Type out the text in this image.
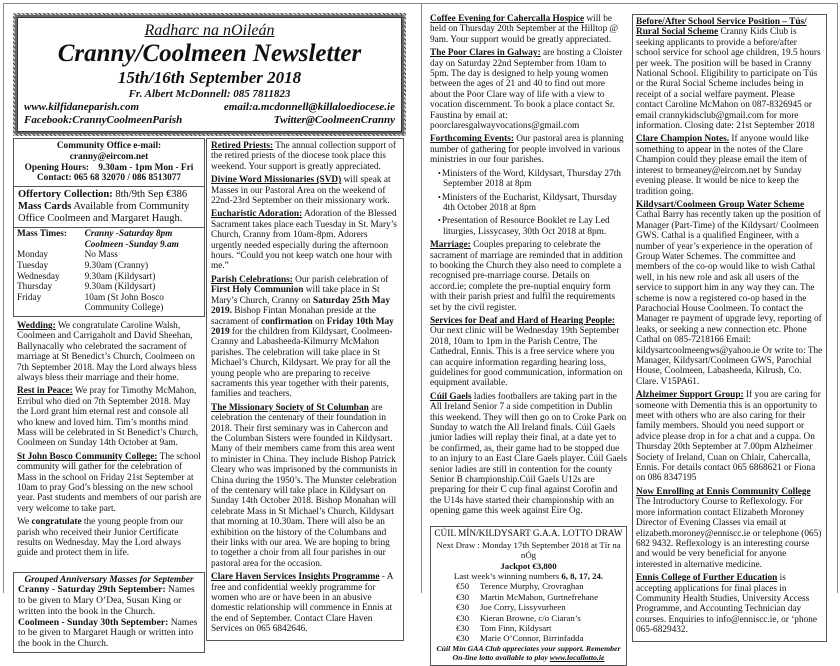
Radharc na nOileán
Cranny/Coolmeen Newsletter
15th/16th September 2018
Fr. Albert McDonnell: 085 7811823
www.kilfidaneparish.com	email:a.mcdonnell@killaloediocese.ie
Facebook:CrannyCoolmeenParish	Twitter@CoolmeenCranny
Community Office e-mail: cranny@eircom.net
Opening Hours:    9.30am - 1pm Mon - Fri
Contact: 065 68 32070 / 086 8513077
Offertory Collection: 8th/9th Sep €386 Mass Cards Available from Community Office Coolmeen and Margaret Haugh.
Mass Times:	Cranny -Saturday 8pm
	Coolmeen -Sunday 9.am
Monday	No Mass
Tuesday	9.30am (Cranny)
Wednesday	9.30am (Kildysart)
Thursday	9.30am (Kildysart)
Friday	10am (St John Bosco Community College)
Wedding: We congratulate Caroline Walsh, Coolmeen and Carrigaholt and David Sheehan, Ballynacally who celebrated the sacrament of marriage at St Benedict’s Church, Coolmeen on 7th September 2018. May the Lord always bless always bless their marriage and their home.
Rest in Peace: We pray for Timothy McMahon, Erribul who died on 7th September 2018. May the Lord grant him eternal rest and console all who knew and loved him. Tim’s months mind Mass will be celebrated in St Benedict’s Church, Coolmeen on Sunday 14th October at 9am.
St John Bosco Community College: The school community will gather for the celebration of Mass in the school on Friday 21st September at 10am to pray God’s blessing on the new school year. Past students and members of our parish are very welcome to take part.
We congratulate the young people from our parish who received their Junior Certificate results on Wednesday. May the Lord always guide and protect them in life.
Grouped Anniversary Masses for September
Cranny - Saturday 29th September: Names to be given to Mary O’Dea, Susan King or written into the book in the Church.
Coolmeen - Sunday 30th September: Names to be given to Margaret Haugh or written into the book in the Church.
Retired Priests: The annual collection support of the retired priests of the diocese took place this weekend. Your support is greatly appreciated.
Divine Word Missionaries (SVD) will speak at Masses in our Pastoral Area on the weekend of 22nd-23rd September on their missionary work.
Eucharistic Adoration: Adoration of the Blessed Sacrament takes place each Tuesday in St. Mary’s Church, Cranny from 10am-8pm. Adorers urgently needed especially during the afternoon hours. “Could you not keep watch one hour with me.”
Parish Celebrations: Our parish celebration of First Holy Communion will take place in St Mary’s Church, Cranny on Saturday 25th May 2019. Bishop Fintan Monahan preside at the sacrament of confirmation on Friday 10th May 2019 for the children from Kildysart, Coolmeen-Cranny and Labasheeda-Kilmurry McMahon parishes. The celebration will take place in St Michael’s Church, Kildysart. We pray for all the young people who are preparing to receive sacraments this year together with their parents, families and teachers.
The Missionary Society of St Columban are celebration the centenary of their foundation in 2018. Their first seminary was in Cahercon and the Columban Sisters were founded in Kildysart. Many of their members came from this area went to minister in China. They include Bishop Patrick Cleary who was imprisoned by the communists in China during the 1950’s. The Munster celebration of the centenary will take place in Kildysart on Sunday 14th October 2018. Bishop Monahan will celebrate Mass in St Michael’s Church, Kildysart that morning at 10.30am. There will also be an exhibition on the history of the Columbans and their links with our area. We are hoping to bring to together a choir from all four parishes in our pastoral area for the occasion.
Clare Haven Services Insights Programme - A free and confidential weekly programme for women who are or have been in an abusive domestic relationship will commence in Ennis at the end of September. Contact Clare Haven Services on 065 6842646.
Coffee Evening for Cahercalla Hospice will be held on Thursday 20th September at the Hilltop @ 9am. Your support would be greatly appreciated.
The Poor Clares in Galway: are hosting a Cloister day on Saturday 22nd September from 10am to 5pm. The day is designed to help young women between the ages of 21 and 40 to find out more about the Poor Clare way of life with a view to vocation discernment. To book a place contact Sr. Faustina by email at: poorclaresgalwayvocations@gmail.com
Forthcoming Events: Our pastoral area is planning number of gathering for people involved in various ministries in our four parishes.
• Ministers of the Word, Kildysart, Thursday 27th September 2018 at 8pm
• Ministers of the Eucharist, Kildysart, Thursday 4th October 2018 at 8pm
• Presentation of Resource Booklet re Lay Led liturgies, Lissycasey, 30th Oct 2018 at 8pm.
Marriage: Couples preparing to celebrate the sacrament of marriage are reminded that in addition to booking the Church they also need to complete a recognised pre-marriage course. Details on accord.ie; complete the pre-nuptial enquiry form with their parish priest and fulfil the requirements set by the civil register.
Services for Deaf and Hard of Hearing People: Our next clinic will be Wednesday 19th September 2018, 10am to 1pm in the Parish Centre, The Cathedral, Ennis. This is a free service where you can acquire information regarding hearing loss, guidelines for good communication, information on equipment available.
Cúil Gaels ladies footballers are taking part in the All Ireland Senior 7 a side competition in Dublin this weekend. They will then go on to Croke Park on Sunday to watch the All Ireland finals. Cúil Gaels junior ladies will replay their final, at a date yet to be confirmed, as, their game had to be stopped due to an injury to an East Clare Gaels player. Cúil Gaels senior ladies are still in contention for the county Senior B championship.Cúil Gaels U12s are preparing for their C cup final against Corofin and the U14s have started their championship with an opening game this week against Eire Og.
CÚIL MÍN/KILDYSART G.A.A. LOTTO DRAW
Next Draw : Monday 17th September 2018 at Tír na nÓg
Jackpot €3,800
Last week’s winning numbers 6, 8, 17, 24.
€50 Terence Murphy, Crovraghan
€30 Martin McMahon, Gurtnefrehane
€30 Joe Corry, Lissyvurheen
€30 Kieran Browne, c/o Ciaran’s
€30 Tom Finn, Kildysart
€30 Marie O’Connor, Birrinfadda
Cúil Mín GAA Club appreciates your support. Remember On-line lotto available to play www.locallotto.ie
Before/After School Service Position – Tús/ Rural Social Scheme Cranny Kids Club is seeking applicants to provide a before/after school service for school age children, 19.5 hours per week. The position will be based in Cranny National School. Eligibility to participate on Tús or the Rural Social Scheme includes being in receipt of a social welfare payment. Please contact Caroline McMahon on 087-8326945 or email crannykidsclub@gmail.com for more information. Closing date: 21st September 2018
Clare Champion Notes. If anyone would like something to appear in the notes of the Clare Champion could they please email the item of interest to brmeaney@eircom.net by Sunday evening please. It would be nice to keep the tradition going.
Kildysart/Coolmeen Group Water Scheme Cathal Barry has recently taken up the position of Manager (Part-Time) of the Kildysart/ Coolmeen GWS. Cathal is a qualified Engineer, with a number of year’s experience in the operation of Group Water Schemes. The committee and members of the co-op would like to wish Cathal well, in his new role and ask all users of the service to support him in any way they can. The scheme is now a registered co-op based in the Parachocial House Coolmeen. To contact the Manager re payment of upgrade levy, reporting of leaks, or seeking a new connection etc. Phone Cathal on 085-7218166 Email: kildysartcoolmeengws@yahoo.ie Or write to: The Manager, Kildysart/Coolmeen GWS, Parochial House, Coolmeen, Labasheeda, Kilrush, Co. Clare. V15PA61.
Alzheimer Support Group: If you are caring for someone with Dementia this is an opportunity to meet with others who are also caring for their family members. Should you need support or advice please drop in for a chat and a cuppa. On Thursday 20th September at 7.00pm Alzheimer Society of Ireland, Cuan on Chlair, Cahercalla, Ennis. For details contact 065 6868621 or Fiona on 086 8347195
Now Enrolling at Ennis Community College The Introductory Course to Reflexology. For more information contact Elizabeth Moroney Director of Evening Classes via email at elizabeth.moroney@enniscc.ie or telephone (065) 682 9432. Reflexology is an interesting course and would be very beneficial for anyone interested in alternative medicine.
Ennis College of Further Education is accepting applications for final places in Community Health Studies, University Access Programme, and Accounting Technician day courses. Enquiries to info@enniscc.ie, or ‘phone 065-6829432.
